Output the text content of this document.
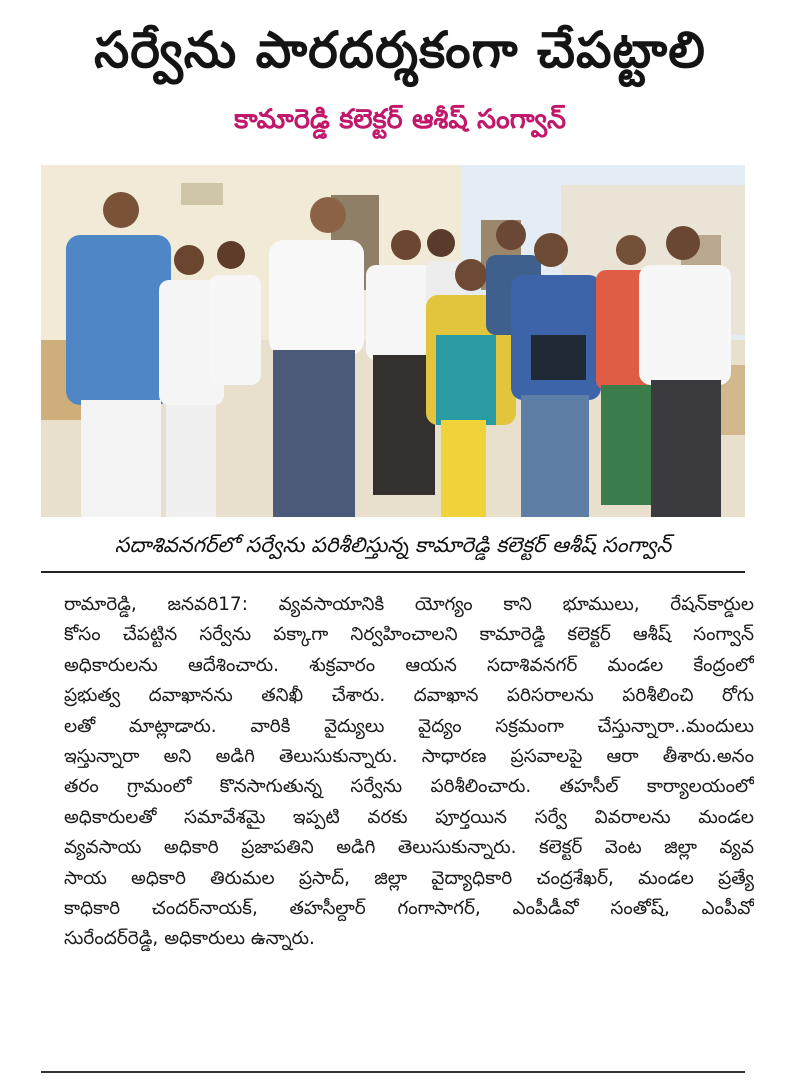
సర్వేను పారదర్శకంగా చేపట్టాలి
కామారెడ్డి కలెక్టర్ ఆశీష్ సంగ్వాన్
సదాశివనగర్‌లో సర్వేను పరిశీలిస్తున్న కామారెడ్డి కలెక్టర్ ఆశీష్ సంగ్వాన్
రామారెడ్డి, జనవరి17: వ్యవసాయానికి యోగ్యం కాని భూములు, రేషన్‌కార్డుల
కోసం చేపట్టిన సర్వేను పక్కాగా నిర్వహించాలని కామారెడ్డి కలెక్టర్ ఆశీష్ సంగ్వాన్
అధికారులను ఆదేశించారు. శుక్రవారం ఆయన సదాశివనగర్ మండల కేంద్రంలో
ప్రభుత్వ దవాఖానను తనిఖీ చేశారు. దవాఖాన పరిసరాలను పరిశీలించి రోగు
లతో మాట్లాడారు. వారికి వైద్యులు వైద్యం సక్రమంగా చేస్తున్నారా..మందులు
ఇస్తున్నారా అని అడిగి తెలుసుకున్నారు. సాధారణ ప్రసవాలపై ఆరా తీశారు.అనం
తరం గ్రామంలో కొనసాగుతున్న సర్వేను పరిశీలించారు. తహసీల్ కార్యాలయంలో
అధికారులతో సమావేశమై ఇప్పటి వరకు పూర్తయిన సర్వే వివరాలను మండల
వ్యవసాయ అధికారి ప్రజాపతిని అడిగి తెలుసుకున్నారు. కలెక్టర్ వెంట జిల్లా వ్యవ
సాయ అధికారి తిరుమల ప్రసాద్, జిల్లా వైద్యాధికారి చంద్రశేఖర్, మండల ప్రత్యే
కాధికారి చందర్‌నాయక్, తహసీల్దార్ గంగాసాగర్, ఎంపీడీవో సంతోష్, ఎంపీవో
సురేందర్‌రెడ్డి, అధికారులు ఉన్నారు.
